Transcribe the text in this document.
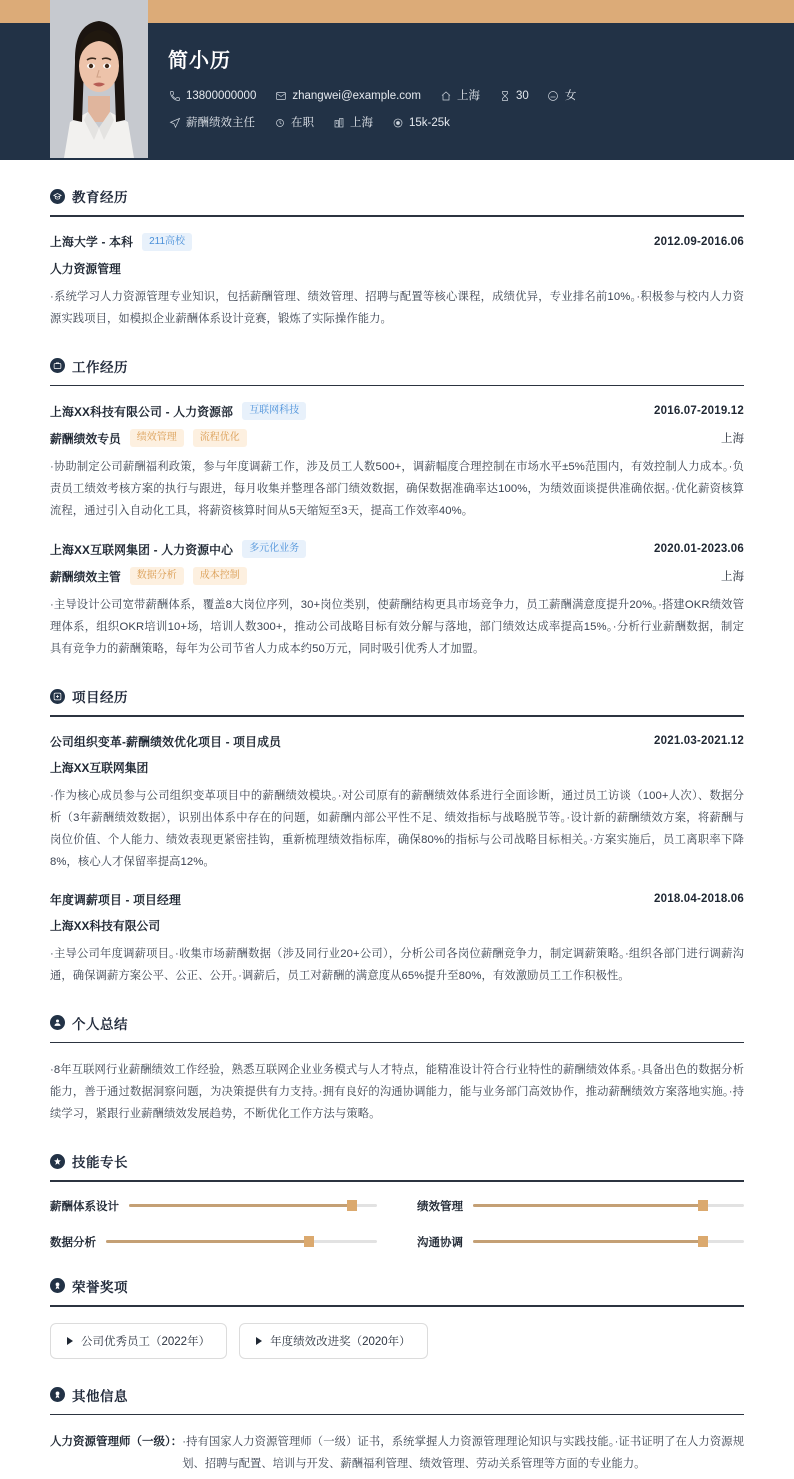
简小历
13800000000	zhangwei@example.com	上海	30	女
薪酬绩效主任	在职	上海	15k-25k
教育经历
上海大学 - 本科	211高校	2012.09-2016.06
人力资源管理
·系统学习人力资源管理专业知识，包括薪酬管理、绩效管理、招聘与配置等核心课程，成绩优异，专业排名前10%。·积极参与校内人力资源实践项目，如模拟企业薪酬体系设计竞赛，锻炼了实际操作能力。
工作经历
上海XX科技有限公司 - 人力资源部	互联网科技	2016.07-2019.12
薪酬绩效专员	绩效管理	流程优化	上海
·协助制定公司薪酬福利政策，参与年度调薪工作，涉及员工人数500+，调薪幅度合理控制在市场水平±5%范围内，有效控制人力成本。·负责员工绩效考核方案的执行与跟进，每月收集并整理各部门绩效数据，确保数据准确率达100%，为绩效面谈提供准确依据。·优化薪资核算流程，通过引入自动化工具，将薪资核算时间从5天缩短至3天，提高工作效率40%。
上海XX互联网集团 - 人力资源中心	多元化业务	2020.01-2023.06
薪酬绩效主管	数据分析	成本控制	上海
·主导设计公司宽带薪酬体系，覆盖8大岗位序列，30+岗位类别，使薪酬结构更具市场竞争力，员工薪酬满意度提升20%。·搭建OKR绩效管理体系，组织OKR培训10+场，培训人数300+，推动公司战略目标有效分解与落地，部门绩效达成率提高15%。·分析行业薪酬数据，制定具有竞争力的薪酬策略，每年为公司节省人力成本约50万元，同时吸引优秀人才加盟。
项目经历
公司组织变革-薪酬绩效优化项目 - 项目成员	2021.03-2021.12
上海XX互联网集团
·作为核心成员参与公司组织变革项目中的薪酬绩效模块。·对公司原有的薪酬绩效体系进行全面诊断，通过员工访谈（100+人次）、数据分析（3年薪酬绩效数据），识别出体系中存在的问题，如薪酬内部公平性不足、绩效指标与战略脱节等。·设计新的薪酬绩效方案，将薪酬与岗位价值、个人能力、绩效表现更紧密挂钩，重新梳理绩效指标库，确保80%的指标与公司战略目标相关。·方案实施后，员工离职率下降8%，核心人才保留率提高12%。
年度调薪项目 - 项目经理	2018.04-2018.06
上海XX科技有限公司
·主导公司年度调薪项目。·收集市场薪酬数据（涉及同行业20+公司），分析公司各岗位薪酬竞争力，制定调薪策略。·组织各部门进行调薪沟通，确保调薪方案公平、公正、公开。·调薪后，员工对薪酬的满意度从65%提升至80%，有效激励员工工作积极性。
个人总结
·8年互联网行业薪酬绩效工作经验，熟悉互联网企业业务模式与人才特点，能精准设计符合行业特性的薪酬绩效体系。·具备出色的数据分析能力，善于通过数据洞察问题，为决策提供有力支持。·拥有良好的沟通协调能力，能与业务部门高效协作，推动薪酬绩效方案落地实施。·持续学习，紧跟行业薪酬绩效发展趋势，不断优化工作方法与策略。
技能专长
薪酬体系设计	绩效管理
数据分析	沟通协调
荣誉奖项
公司优秀员工（2022年）	年度绩效改进奖（2020年）
其他信息
人力资源管理师（一级）： ·持有国家人力资源管理师（一级）证书，系统掌握人力资源管理理论知识与实践技能。·证书证明了在人力资源规划、招聘与配置、培训与开发、薪酬福利管理、绩效管理、劳动关系管理等方面的专业能力。
